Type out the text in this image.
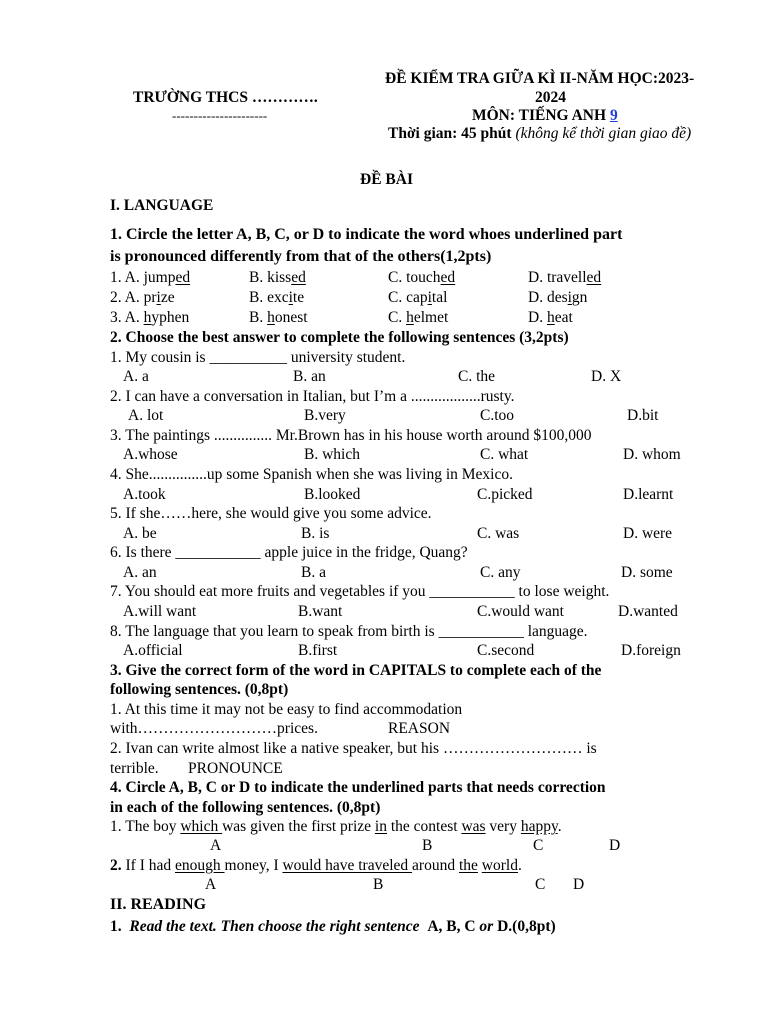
TRƯỜNG THCS ………….
----------------------
ĐỀ KIỂM TRA GIỮA KÌ II-NĂM HỌC:2023-
2024
MÔN: TIẾNG ANH 9
Thời gian: 45 phút (không kể thời gian giao đề)
ĐỀ BÀI
I. LANGUAGE
1. Circle the letter A, B, C, or D to indicate the word whoes underlined part
is pronounced differently from that of the others(1,2pts)
1. A. jumped	B. kissed	C. touched	D. travelled
2. A. prize	B. excite	C. capital	D. design
3. A. hyphen	B. honest	C. helmet	D. heat
2. Choose the best answer to complete the following sentences (3,2pts)
1. My cousin is __________ university student.
A. a	B. an	C. the	D. X
2. I can have a conversation in Italian, but I’m a ..................rusty.
A. lot	B.very	C.too	D.bit
3. The paintings ............... Mr.Brown has in his house worth around $100,000
A.whose	B. which	C. what	D. whom
4. She...............up some Spanish when she was living in Mexico.
A.took	B.looked	C.picked	D.learnt
5. If she……here, she would give you some advice.
A. be	B. is	C. was	D. were
6. Is there ___________ apple juice in the fridge, Quang?
A. an	B. a	C. any	D. some
7. You should eat more fruits and vegetables if you ___________ to lose weight.
A.will want	B.want	C.would want	D.wanted
8. The language that you learn to speak from birth is ___________ language.
A.official	B.first	C.second	D.foreign
3. Give the correct form of the word in CAPITALS to complete each of the
following sentences. (0,8pt)
1. At this time it may not be easy to find accommodation
with………………………prices.	REASON
2. Ivan can write almost like a native speaker, but his ……………………… is
terrible. PRONOUNCE
4. Circle A, B, C or D to indicate the underlined parts that needs correction
in each of the following sentences. (0,8pt)
1. The boy which was given the first prize in the contest was very happy.
A	B	C	D
2. If I had enough money, I would have traveled around the world.
A	B	C D
II. READING
1. Read the text. Then choose the right sentence A, B, C or D.(0,8pt)
